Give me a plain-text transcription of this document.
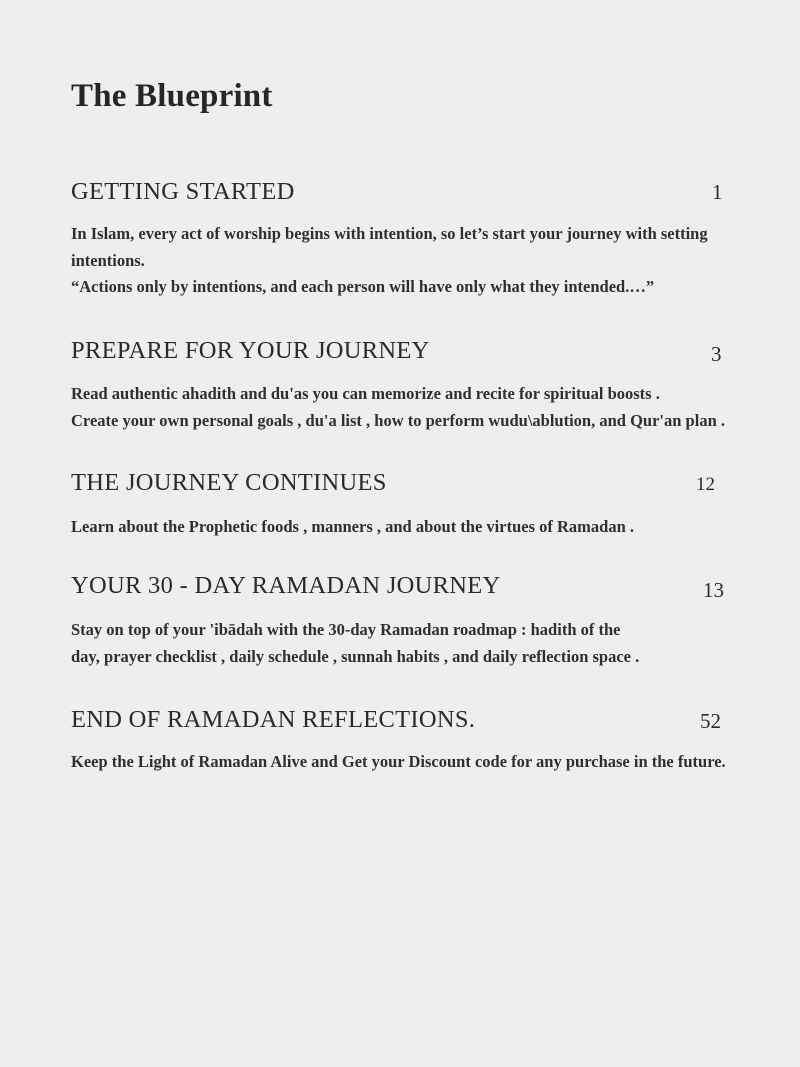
The Blueprint
GETTING STARTED	1

In Islam, every act of worship begins with intention, so let’s start your journey with setting intentions.
“Actions only by intentions, and each person will have only what they intended.…”

PREPARE FOR YOUR JOURNEY	3

Read authentic ahadith and du'as you can memorize and recite for spiritual boosts .
Create your own personal goals , du'a list , how to perform wudu\ablution, and Qur'an plan .

THE JOURNEY CONTINUES	12

Learn about the Prophetic foods , manners , and about the virtues of Ramadan .

YOUR 30 - DAY RAMADAN JOURNEY	13

Stay on top of your 'ibādah with the 30-day Ramadan roadmap : hadith of the
day, prayer checklist , daily schedule , sunnah habits , and daily reflection space .

END OF RAMADAN REFLECTIONS.	52

Keep the Light of Ramadan Alive and Get your Discount code for any purchase in the future.
